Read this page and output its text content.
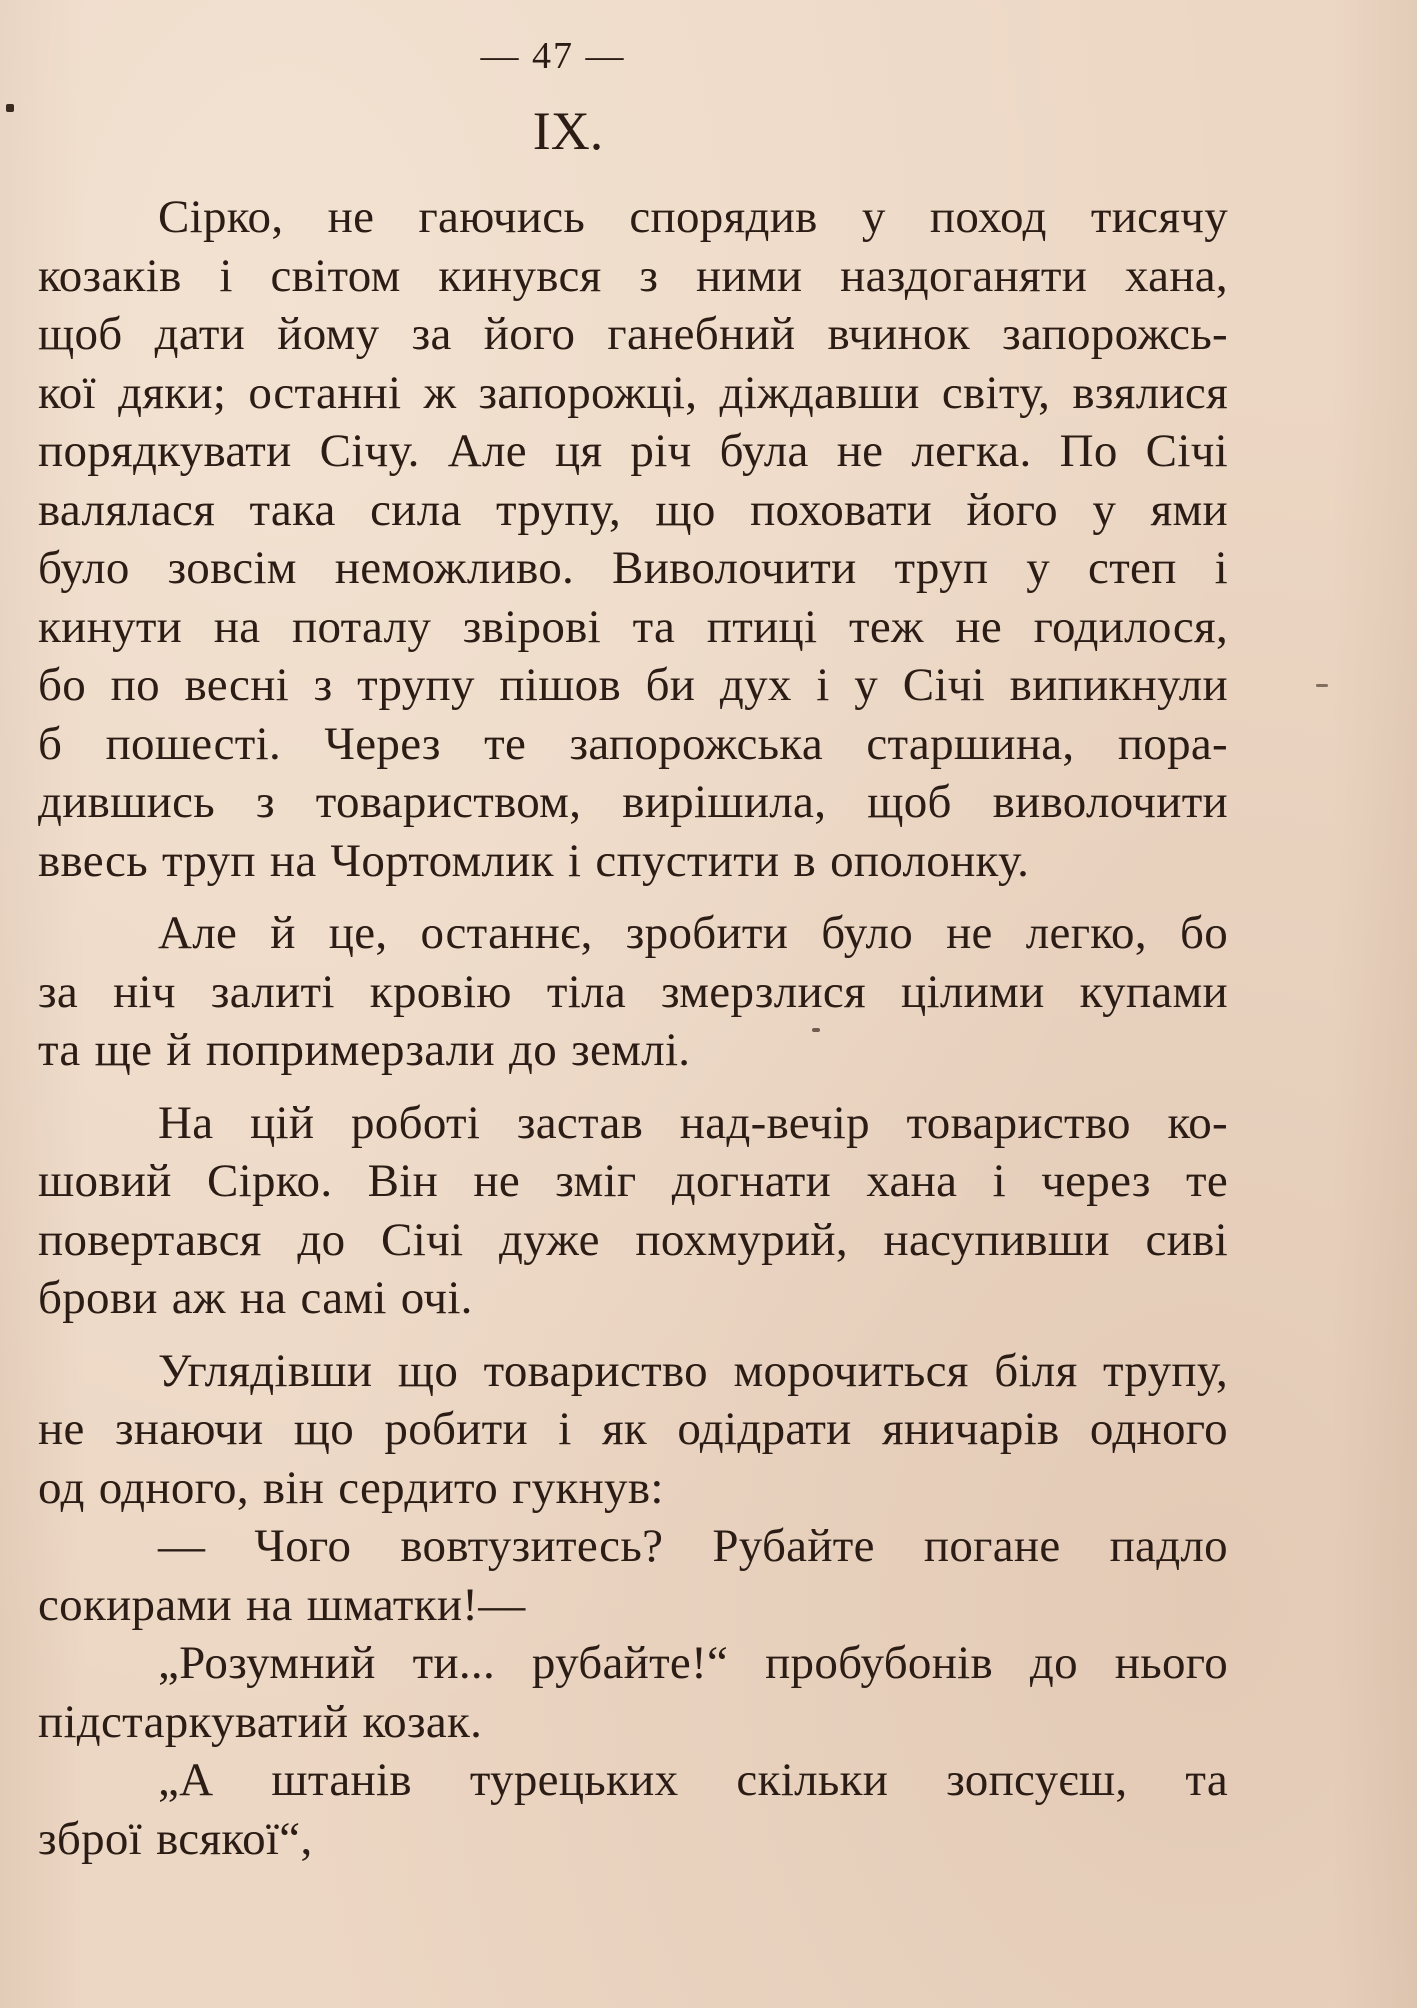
— 47 —
IX.

Сірко, не гаючись спорядив у поход тисячу

козаків і світом кинувся з ними наздоганяти хана,

щоб дати йому за його ганебний вчинок запорожсь-

кої дяки; останні ж запорожці, діждавши світу, взялися

порядкувати Січу. Але ця річ була не легка. По Січі

валялася така сила трупу, що поховати його у ями

було зовсім неможливо. Виволочити труп у степ і

кинути на поталу звірові та птиці теж не годилося,

бо по весні з трупу пішов би дух і у Січі випикнули

б пошесті. Через те запорожська старшина, пора-

дившись з товариством, вирішила, щоб виволочити

ввесь труп на Чортомлик і спустити в ополонку.

Але й це, останнє, зробити було не легко, бо

за ніч залиті кровію тіла змерзлися цілими купами

та ще й попримерзали до землі.

На цій роботі застав над-вечір товариство ко-

шовий Сірко. Він не зміг догнати хана і через те

повертався до Січі дуже похмурий, насупивши сиві

брови аж на самі очі.

Углядівши що товариство морочиться біля трупу,

не знаючи що робити і як одідрати яничарів одного

од одного, він сердито гукнув:

— Чого вовтузитесь? Рубайте погане падло

сокирами на шматки!—

„Розумний ти... рубайте!“ пробубонів до нього

підстаркуватий козак.

„А штанів турецьких скільки зопсуєш, та

зброї всякої“,
